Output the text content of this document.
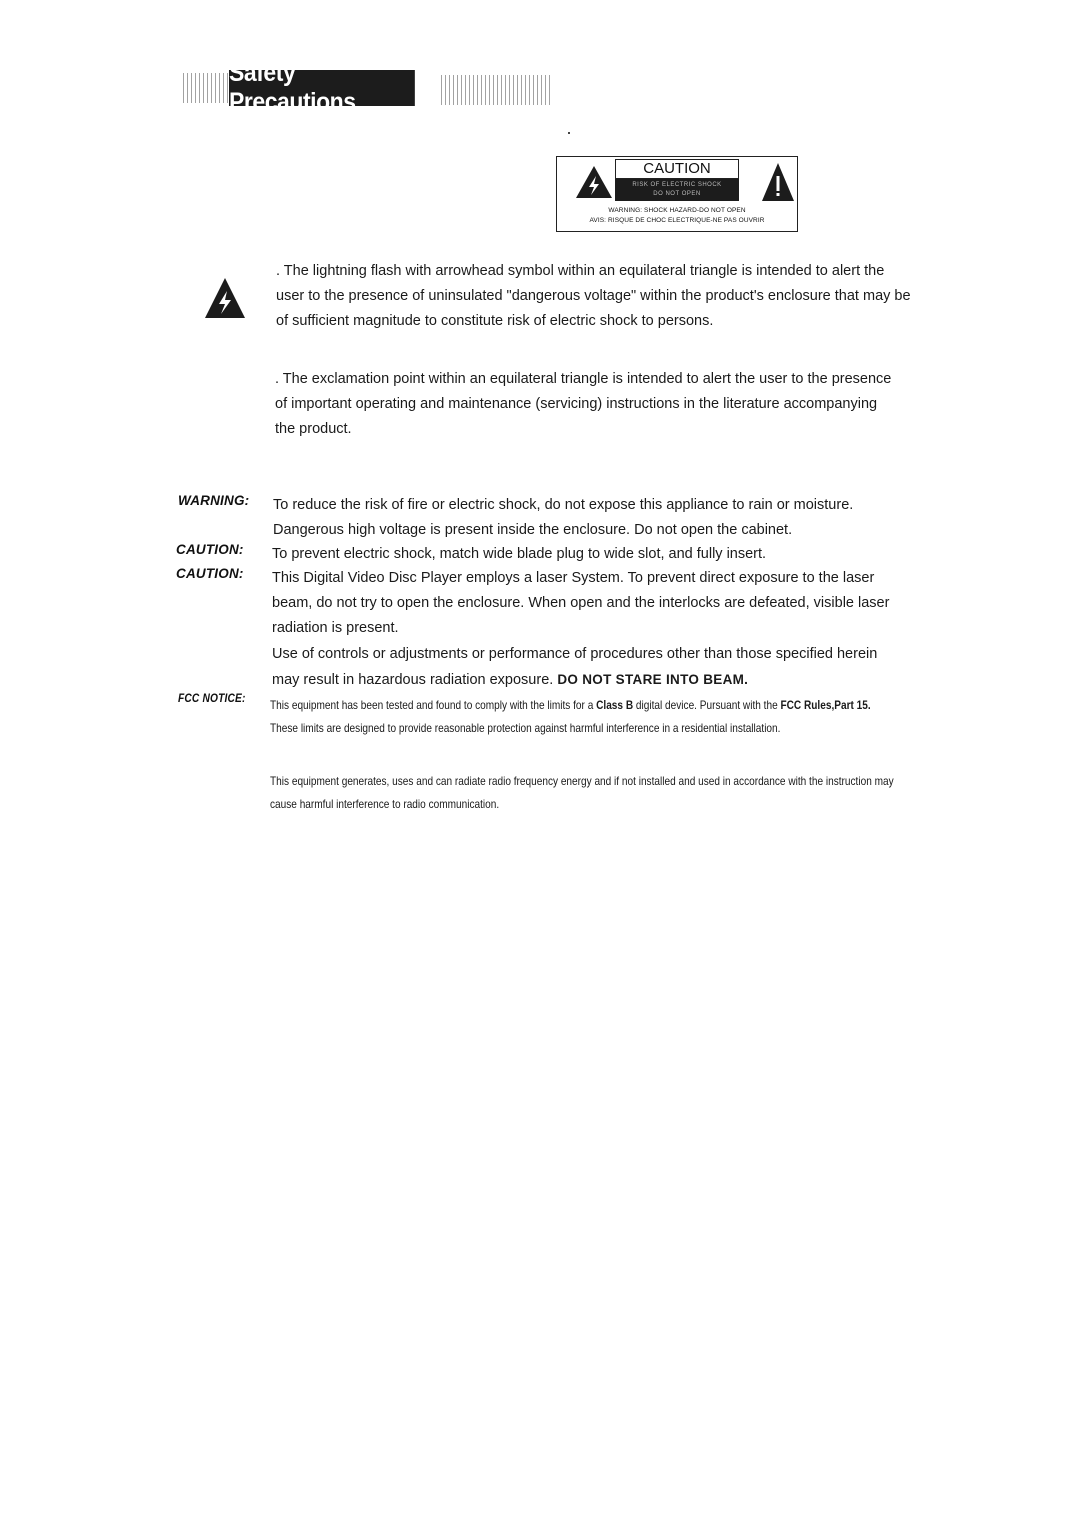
Safety Precautions
CAUTION
RISK OF ELECTRIC SHOCK
DO NOT OPEN
WARNING: SHOCK HAZARD-DO NOT OPEN
AVIS: RISQUE DE CHOC ELECTRIQUE-NE PAS OUVRIR

. The lightning flash with arrowhead symbol within an equilateral triangle is intended to alert the user to the presence of uninsulated "dangerous voltage" within the product's enclosure that may be of sufficient magnitude to constitute risk of electric shock to persons.

. The exclamation point within an equilateral triangle is intended to alert the user to the presence of important operating and maintenance (servicing) instructions in the literature accompanying the product.

WARNING: To reduce the risk of fire or electric shock, do not expose this appliance to rain or moisture. Dangerous high voltage is present inside the enclosure. Do not open the cabinet.
CAUTION: To prevent electric shock, match wide blade plug to wide slot, and fully insert.
CAUTION: This Digital Video Disc Player employs a laser System. To prevent direct exposure to the laser beam, do not try to open the enclosure. When open and the interlocks are defeated, visible laser radiation is present.
Use of controls or adjustments or performance of procedures other than those specified herein may result in hazardous radiation exposure. DO NOT STARE INTO BEAM.
FCC NOTICE: This equipment has been tested and found to comply with the limits for a Class B digital device. Pursuant with the FCC Rules,Part 15. These limits are designed to provide reasonable protection against harmful interference in a residential installation.
This equipment generates, uses and can radiate radio frequency energy and if not installed and used in accordance with the instruction may cause harmful interference to radio communication.
